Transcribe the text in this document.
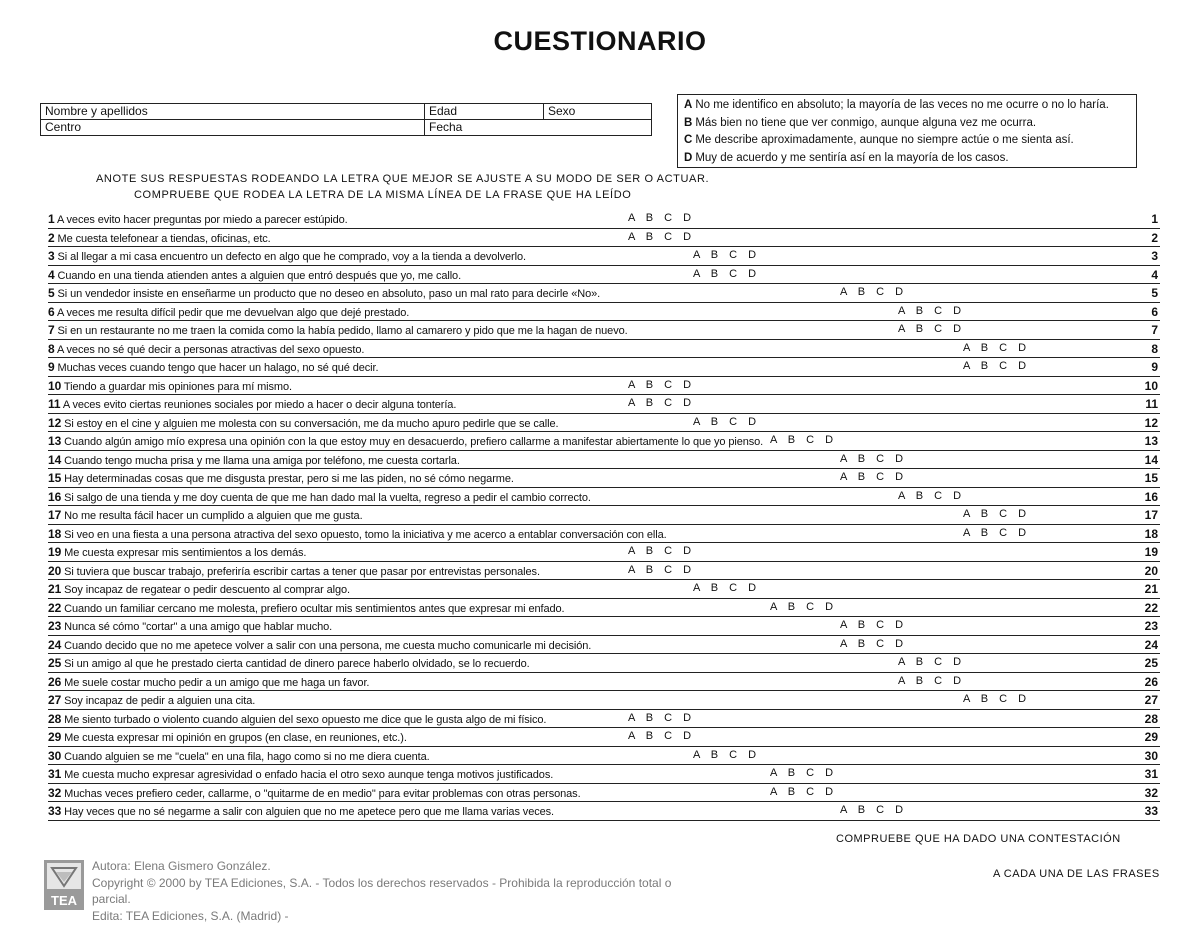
CUESTIONARIO
Nombre y apellidos	Edad	Sexo
Centro	Fecha	
A No me identifico en absoluto; la mayoría de las veces no me ocurre o no lo haría.
B Más bien no tiene que ver conmigo, aunque alguna vez me ocurra.
C Me describe aproximadamente, aunque no siempre actúe o me sienta así.
D Muy de acuerdo y me sentiría así en la mayoría de los casos.
ANOTE SUS RESPUESTAS RODEANDO LA LETRA QUE MEJOR SE AJUSTE A SU MODO DE SER O ACTUAR.
COMPRUEBE QUE RODEA LA LETRA DE LA MISMA LÍNEA DE LA FRASE QUE HA LEÍDO
1 A veces evito hacer preguntas por miedo a parecer estúpido.	A B C D	1
2 Me cuesta telefonear a tiendas, oficinas, etc.	A B C D	2
3 Si al llegar a mi casa encuentro un defecto en algo que he comprado, voy a la tienda a devolverlo.	A B C D	3
4 Cuando en una tienda atienden antes a alguien que entró después que yo, me callo.	A B C D	4
5 Si un vendedor insiste en enseñarme un producto que no deseo en absoluto, paso un mal rato para decirle «No».	A B C D	5
6 A veces me resulta difícil pedir que me devuelvan algo que dejé prestado.	A B C D	6
7 Si en un restaurante no me traen la comida como la había pedido, llamo al camarero y pido que me la hagan de nuevo.	A B C D	7
8 A veces no sé qué decir a personas atractivas del sexo opuesto.	A B C D	8
9 Muchas veces cuando tengo que hacer un halago, no sé qué decir.	A B C D	9
10 Tiendo a guardar mis opiniones para mí mismo.	A B C D	10
11 A veces evito ciertas reuniones sociales por miedo a hacer o decir alguna tontería.	A B C D	11
12 Si estoy en el cine y alguien me molesta con su conversación, me da mucho apuro pedirle que se calle.	A B C D	12
13 Cuando algún amigo mío expresa una opinión con la que estoy muy en desacuerdo, prefiero callarme a manifestar abiertamente lo que yo pienso. A B C D	13
14 Cuando tengo mucha prisa y me llama una amiga por teléfono, me cuesta cortarla.	A B C D	14
15 Hay determinadas cosas que me disgusta prestar, pero si me las piden, no sé cómo negarme.	A B C D	15
16 Si salgo de una tienda y me doy cuenta de que me han dado mal la vuelta, regreso a pedir el cambio correcto.	A B C D	16
17 No me resulta fácil hacer un cumplido a alguien que me gusta.	A B C D	17
18 Si veo en una fiesta a una persona atractiva del sexo opuesto, tomo la iniciativa y me acerco a entablar conversación con ella.	A B C D	18
19 Me cuesta expresar mis sentimientos a los demás.	A B C D	19
20 Si tuviera que buscar trabajo, preferiría escribir cartas a tener que pasar por entrevistas personales.	A B C D	20
21 Soy incapaz de regatear o pedir descuento al comprar algo.	A B C D	21
22 Cuando un familiar cercano me molesta, prefiero ocultar mis sentimientos antes que expresar mi enfado.	A B C D	22
23 Nunca sé cómo "cortar" a una amigo que hablar mucho.	A B C D	23
24 Cuando decido que no me apetece volver a salir con una persona, me cuesta mucho comunicarle mi decisión.	A B C D	24
25 Si un amigo al que he prestado cierta cantidad de dinero parece haberlo olvidado, se lo recuerdo.	A B C D	25
26 Me suele costar mucho pedir a un amigo que me haga un favor.	A B C D	26
27 Soy incapaz de pedir a alguien una cita.	A B C D	27
28 Me siento turbado o violento cuando alguien del sexo opuesto me dice que le gusta algo de mi físico.	A B C D	28
29 Me cuesta expresar mi opinión en grupos (en clase, en reuniones, etc.).	A B C D	29
30 Cuando alguien se me "cuela" en una fila, hago como si no me diera cuenta.	A B C D	30
31 Me cuesta mucho expresar agresividad o enfado hacia el otro sexo aunque tenga motivos justificados.	A B C D	31
32 Muchas veces prefiero ceder, callarme, o "quitarme de en medio" para evitar problemas con otras personas.	A B C D	32
33 Hay veces que no sé negarme a salir con alguien que no me apetece pero que me llama varias veces.	A B C D	33
COMPRUEBE QUE HA DADO UNA CONTESTACIÓN
A CADA UNA DE LAS FRASES
TEA
Autora: Elena Gismero González.
Copyright © 2000 by TEA Ediciones, S.A. - Todos los derechos reservados - Prohibida la reproducción total o parcial.
Edita: TEA Ediciones, S.A. (Madrid) -
